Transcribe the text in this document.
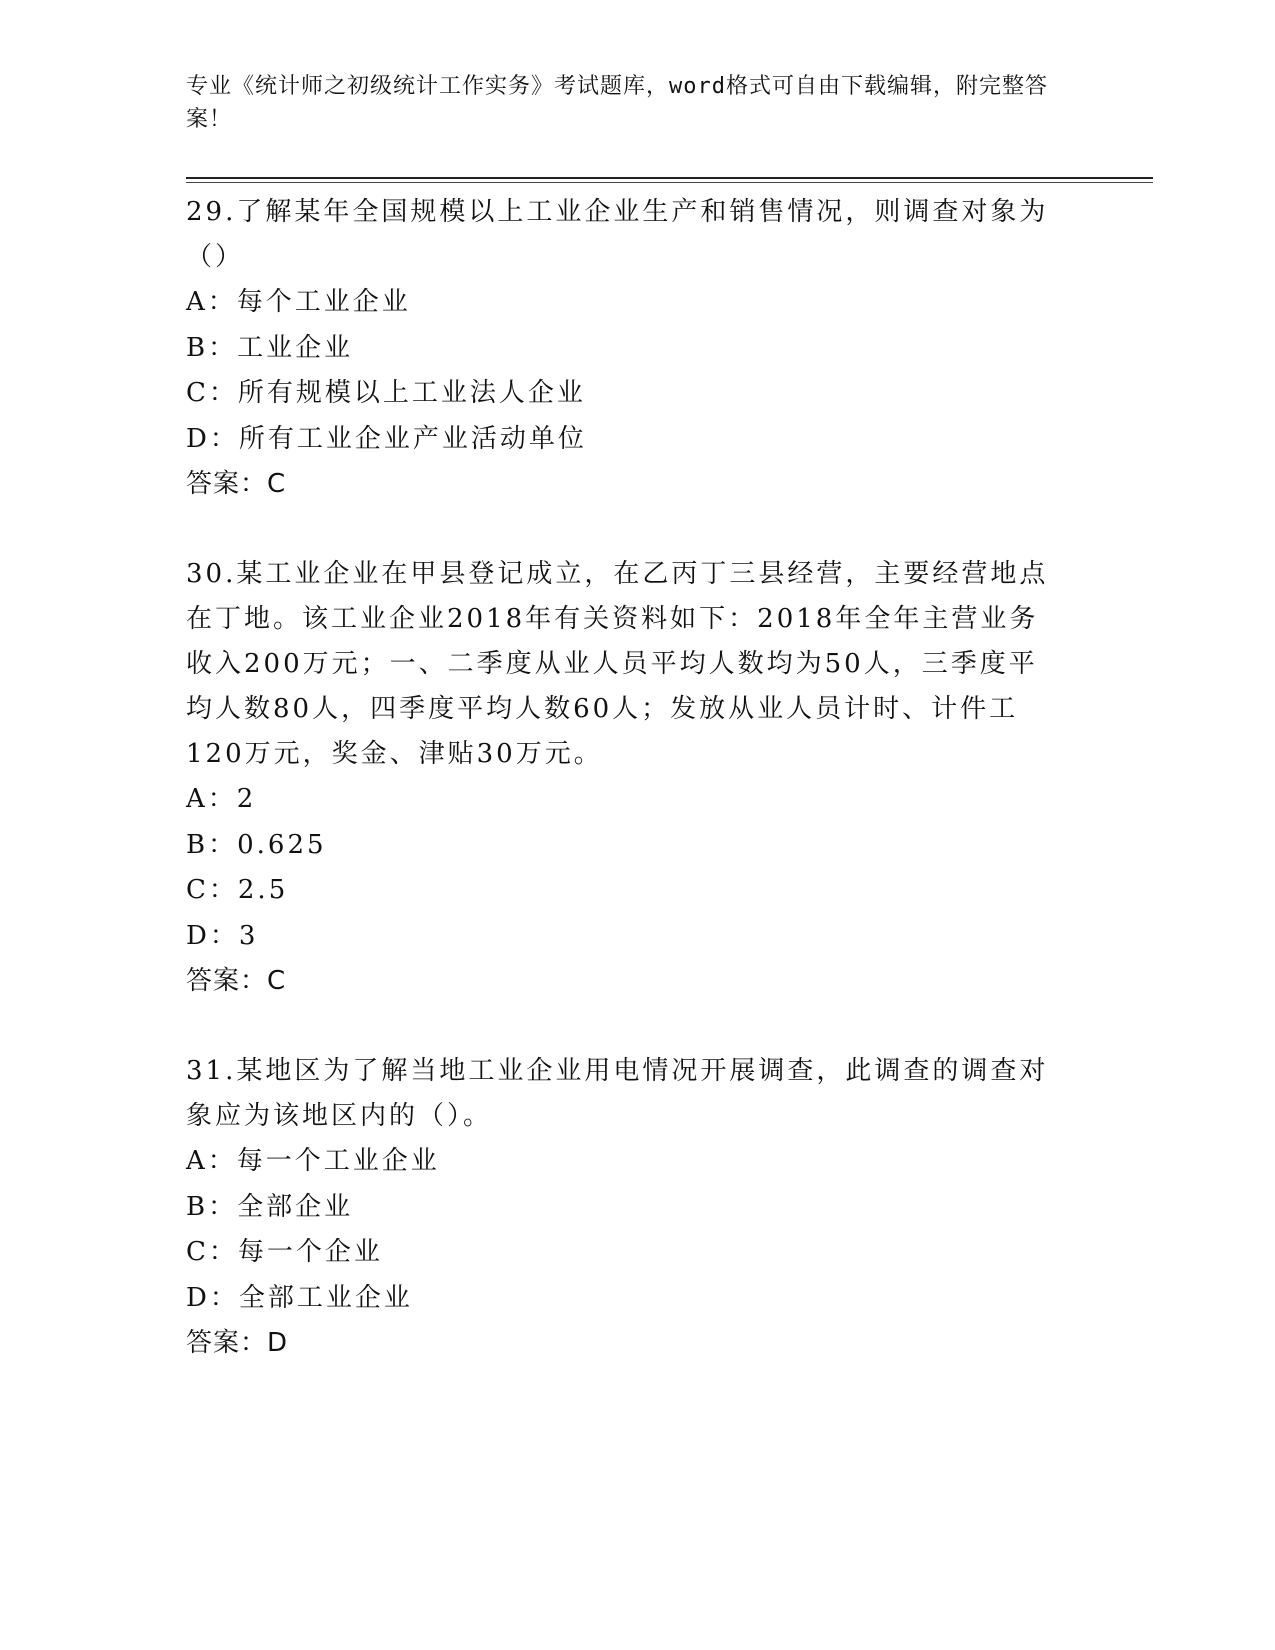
专业《统计师之初级统计工作实务》考试题库，word格式可自由下载编辑，附完整答案！

29.了解某年全国规模以上工业企业生产和销售情况，则调查对象为（）

A：每个工业企业

B：工业企业

C：所有规模以上工业法人企业

D：所有工业企业产业活动单位

答案：C

30.某工业企业在甲县登记成立，在乙丙丁三县经营，主要经营地点在丁地。该工业企业2018年有关资料如下：2018年全年主营业务收入200万元；一、二季度从业人员平均人数均为50人，三季度平均人数80人，四季度平均人数60人；发放从业人员计时、计件工120万元，奖金、津贴30万元。

A：2

B：0.625

C：2.5

D：3

答案：C

31.某地区为了解当地工业企业用电情况开展调查，此调查的调查对象应为该地区内的（）。

A：每一个工业企业

B：全部企业

C：每一个企业

D：全部工业企业

答案：D
